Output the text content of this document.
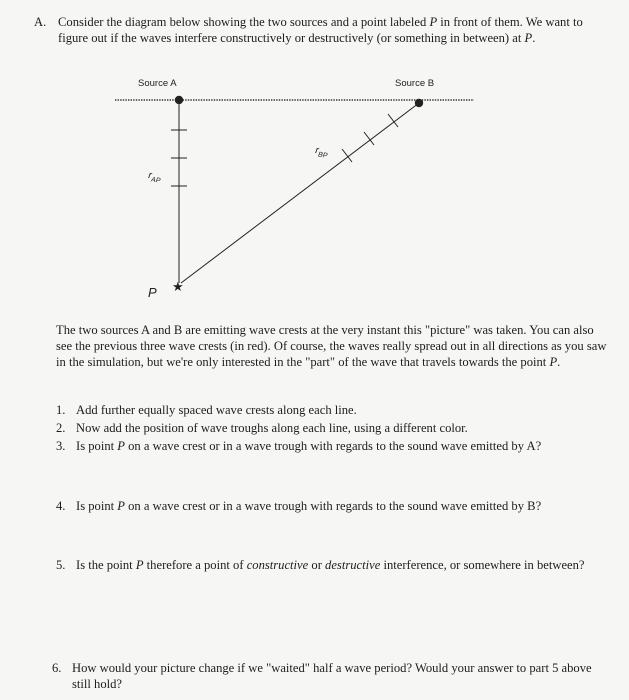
A. Consider the diagram below showing the two sources and a point labeled P in front of them. We want to figure out if the waves interfere constructively or destructively (or something in between) at P.
Source A	Source B
$r_{AP}$
$r_{BP}$
P ★
The two sources A and B are emitting wave crests at the very instant this "picture" was taken. You can also see the previous three wave crests (in red). Of course, the waves really spread out in all directions as you saw in the simulation, but we're only interested in the "part" of the wave that travels towards the point P.
1. Add further equally spaced wave crests along each line.
2. Now add the position of wave troughs along each line, using a different color.
3. Is point P on a wave crest or in a wave trough with regards to the sound wave emitted by A?
4. Is point P on a wave crest or in a wave trough with regards to the sound wave emitted by B?
5. Is the point P therefore a point of constructive or destructive interference, or somewhere in between?
6. How would your picture change if we "waited" half a wave period? Would your answer to part 5 above still hold?
